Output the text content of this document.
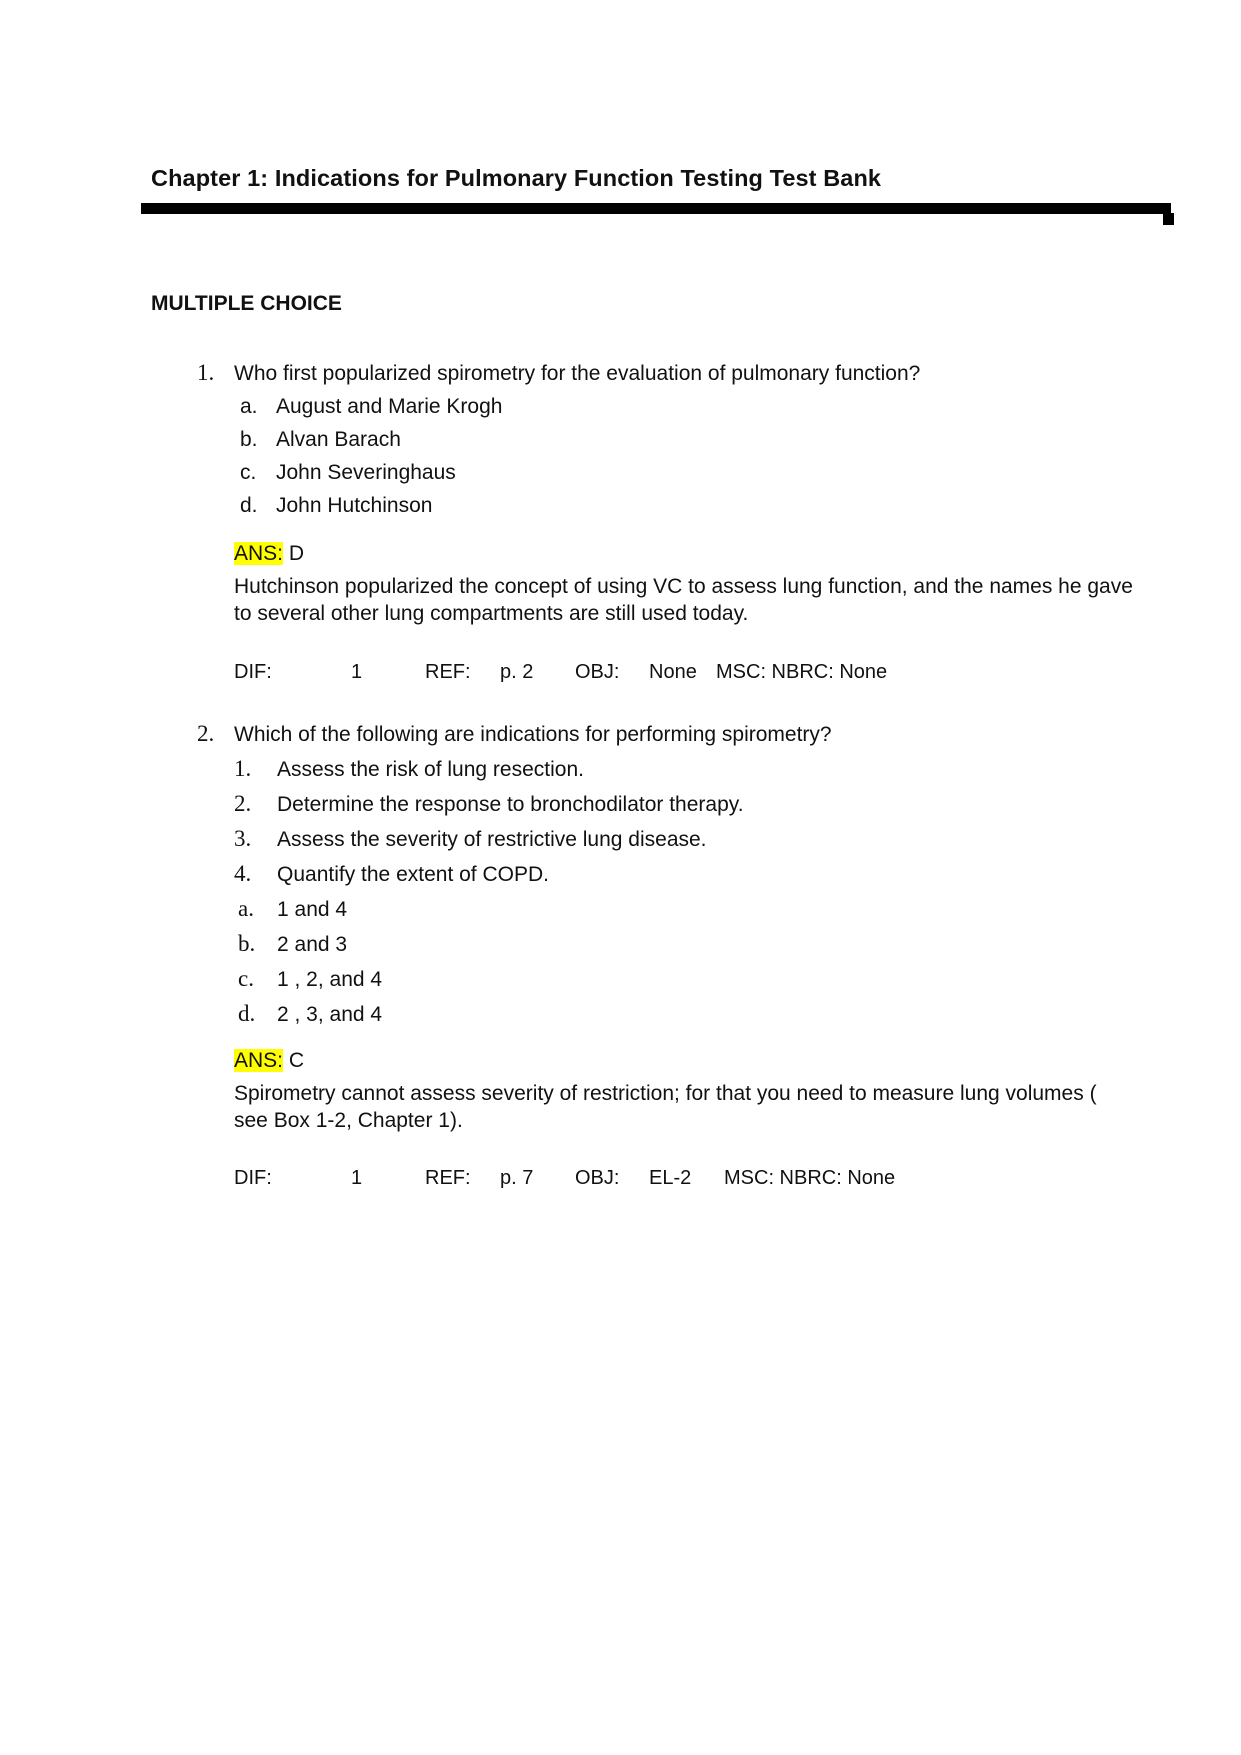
Chapter 1: Indications for Pulmonary Function Testing Test Bank
MULTIPLE CHOICE
1. Who first popularized spirometry for the evaluation of pulmonary function?
a. August and Marie Krogh
b. Alvan Barach
c. John Severinghaus
d. John Hutchinson
ANS: D
Hutchinson popularized the concept of using VC to assess lung function, and the names he gave
to several other lung compartments are still used today.
DIF:	1	REF: p. 2 OBJ: None MSC: NBRC: None
2. Which of the following are indications for performing spirometry?
1. Assess the risk of lung resection.
2. Determine the response to bronchodilator therapy.
3. Assess the severity of restrictive lung disease.
4. Quantify the extent of COPD.
a. 1 and 4
b. 2 and 3
c. 1 , 2, and 4
d. 2 , 3, and 4
ANS: C
Spirometry cannot assess severity of restriction; for that you need to measure lung volumes (
see Box 1-2, Chapter 1).
DIF:	1	REF: p. 7 OBJ: EL-2 MSC: NBRC: None
